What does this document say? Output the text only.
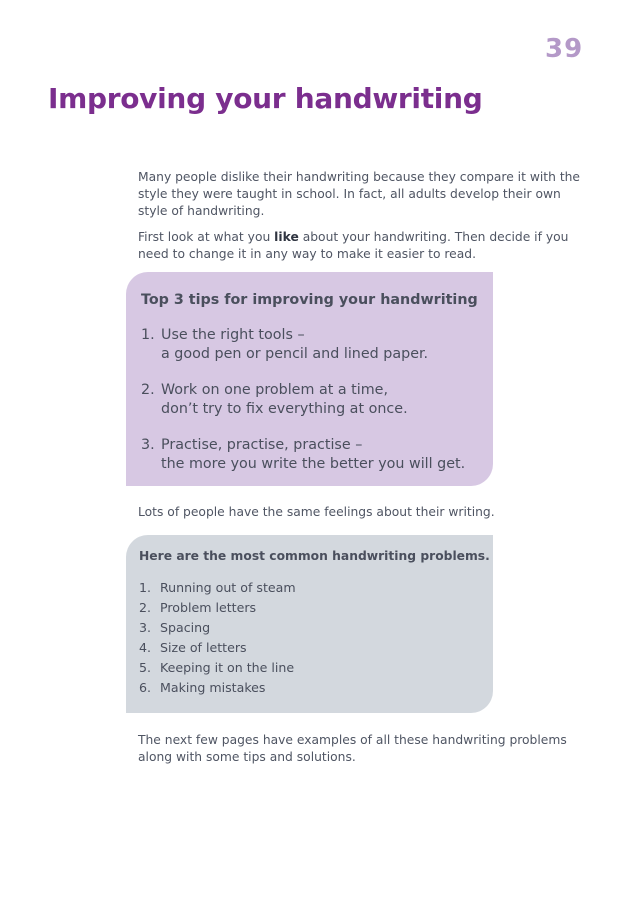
39
Improving your handwriting

Many people dislike their handwriting because they compare it with the style they were taught in school. In fact, all adults develop their own style of handwriting.

First look at what you like about your handwriting. Then decide if you need to change it in any way to make it easier to read.

Top 3 tips for improving your handwriting
1. Use the right tools –
a good pen or pencil and lined paper.
2. Work on one problem at a time,
don’t try to fix everything at once.
3. Practise, practise, practise –
the more you write the better you will get.

Lots of people have the same feelings about their writing.

Here are the most common handwriting problems.
1. Running out of steam
2. Problem letters
3. Spacing
4. Size of letters
5. Keeping it on the line
6. Making mistakes

The next few pages have examples of all these handwriting problems along with some tips and solutions.
